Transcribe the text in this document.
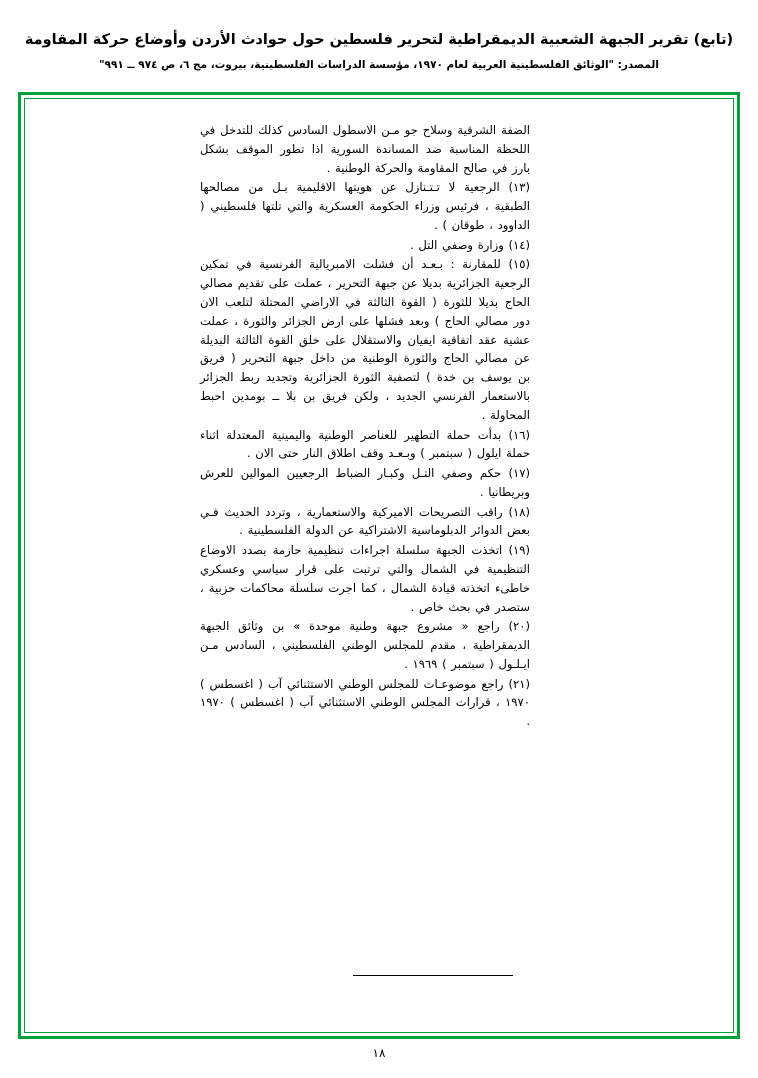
(تابع) تقرير الجبهة الشعبية الديمقراطية لتحرير فلسطين حول حوادث الأردن وأوضاع حركة المقاومة
المصدر: "الوثائق الفلسطينية العربية لعام ١٩٧٠، مؤسسة الدراسات الفلسطينية، بيروت، مج ٦، ص ٩٧٤ ــ ٩٩١"

الضفة الشرقية وسلاح جو مـن الاسطول السادس كذلك للتدخل في اللحظة المناسبة ضد المساندة السورية اذا تطور الموقف بشكل بارز في صالح المقاومة والحركة الوطنية .

(١٣) الرجعية لا تـتـنازل عن هويتها الاقليمية بـل من مصالحها الطبقية ، فرئيس وزراء الحكومة العسكرية والتي تلتها فلسطيني ( الداوود ، طوقان ) .

(١٤) وزارة وصفي التل .

(١٥) للمقارنة : بـعـد أن فشلت الامبريالية الفرنسية في تمكين الرجعية الجزائرية بديلا عن جبهة التحرير ، عملت على تقديم مصالي الحاج بديلا للثورة ( القوة الثالثة في الاراضي المحتلة لتلعب الان دور مصالي الحاج ) وبعد فشلها على ارض الجزائر والثورة ، عملت عشية عقد اتفاقية ايفيان والاستقلال على خلق القوة الثالثة البديلة عن مصالي الحاج والثورة الوطنية من داخل جبهة التحرير ( فريق بن يوسف بن خدة ) لتصفية الثورة الجزائرية وتجديد ربط الجزائر بالاستعمار الفرنسي الجديد ، ولكن فريق بن بلا ــ بومدين احبط المحاولة .

(١٦) بدأت حملة التطهير للعناصر الوطنية واليمينية المعتدلة اثناء حملة ايلول ( سبتمبر ) وبـعـد وقف اطلاق النار حتى الان .

(١٧) حكم وصفي التـل وكبـار الضباط الرجعيين الموالين للعرش وبريطانيا .

(١٨) راقب التصريحات الاميركية والاستعمارية ، وتردد الحديث فـي بعض الدوائر الدبلوماسية الاشتراكية عن الدولة الفلسطينية .

(١٩) اتخذت الجبهة سلسلة اجراءات تنظيمية حازمة بصدد الاوضاع التنظيمية في الشمال والتي ترتبت على قرار سياسي وعسكري خاطىء اتخذته قيادة الشمال ، كما اجرت سلسلة محاكمات حزبية ، ستصدر في بحث خاص .

(٢٠) راجع « مشروع جبهة وطنية موحدة » بن وثائق الجبهة الديمقراطية ، مقدم للمجلس الوطني الفلسطيني ، السادس مـن ايـلـول ( سبتمبر ) ١٩٦٩ .

(٢١) راجع موضوعـات للمجلس الوطني الاستثنائي آب ( اغسطس ) ١٩٧٠ ، قرارات المجلس الوطني الاستثنائي آب ( اغسطس ) ١٩٧٠ .

١٨
